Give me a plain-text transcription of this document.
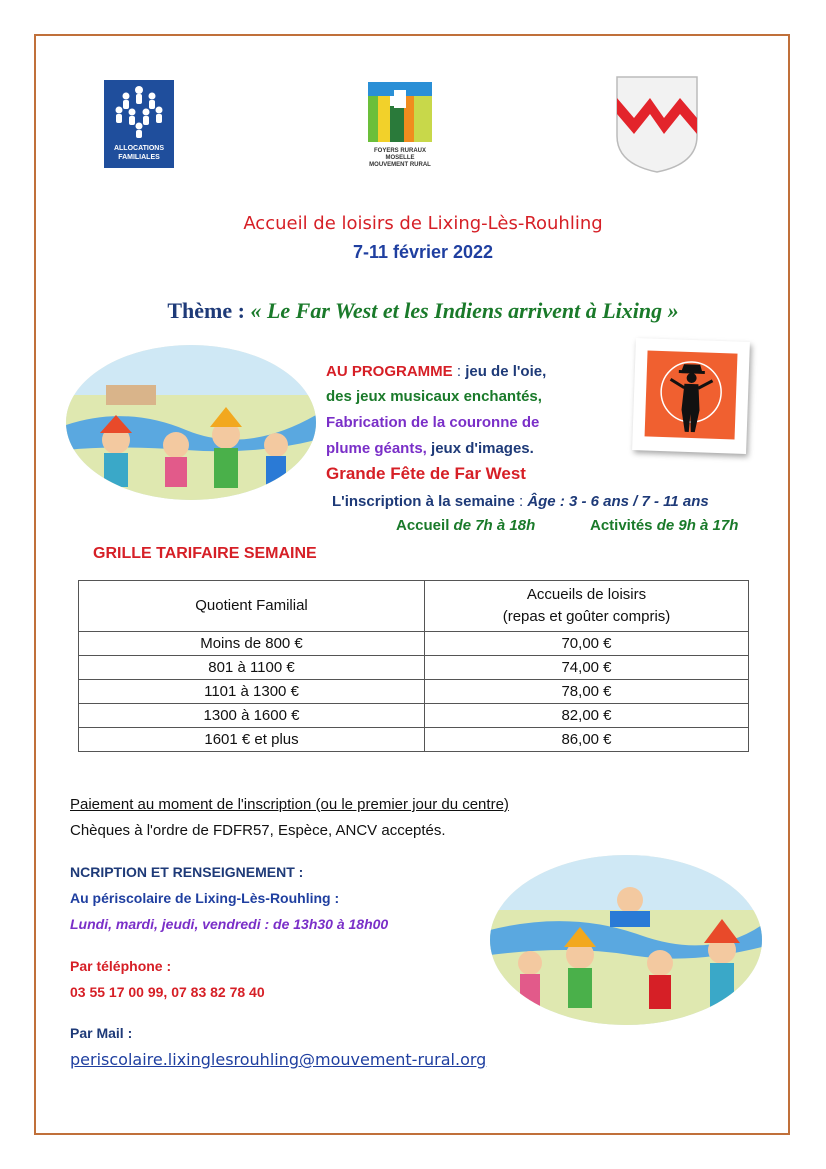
ALLOCATIONS
FAMILIALES
FOYERS RURAUX
MOSELLE
MOUVEMENT RURAL
Accueil de loisirs de Lixing-Lès-Rouhling
7-11 février 2022
Thème : « Le Far West et les Indiens arrivent à Lixing »
AU PROGRAMME : jeu de l'oie,
des jeux musicaux enchantés,
Fabrication de la couronne de
plume géants, jeux d'images.
Grande Fête de Far West
L'inscription à la semaine : Âge : 3 - 6 ans / 7 - 11 ans
Accueil de 7h à 18h	Activités de 9h à 17h
GRILLE TARIFAIRE SEMAINE
Quotient Familial	Accueils de loisirs
(repas et goûter compris)

Moins de 800 €	70,00 €
801 à 1100 €	74,00 €
1101 à 1300 €	78,00 €
1300 à 1600 €	82,00 €
1601 € et plus	86,00 €
Paiement au moment de l'inscription (ou le premier jour du centre)
Chèques à l'ordre de FDFR57, Espèce, ANCV acceptés.
NCRIPTION ET RENSEIGNEMENT :
Au périscolaire de Lixing-Lès-Rouhling :
Lundi, mardi, jeudi, vendredi : de 13h30 à 18h00
Par téléphone :
03 55 17 00 99, 07 83 82 78 40
Par Mail :
periscolaire.lixinglesrouhling@mouvement-rural.org
